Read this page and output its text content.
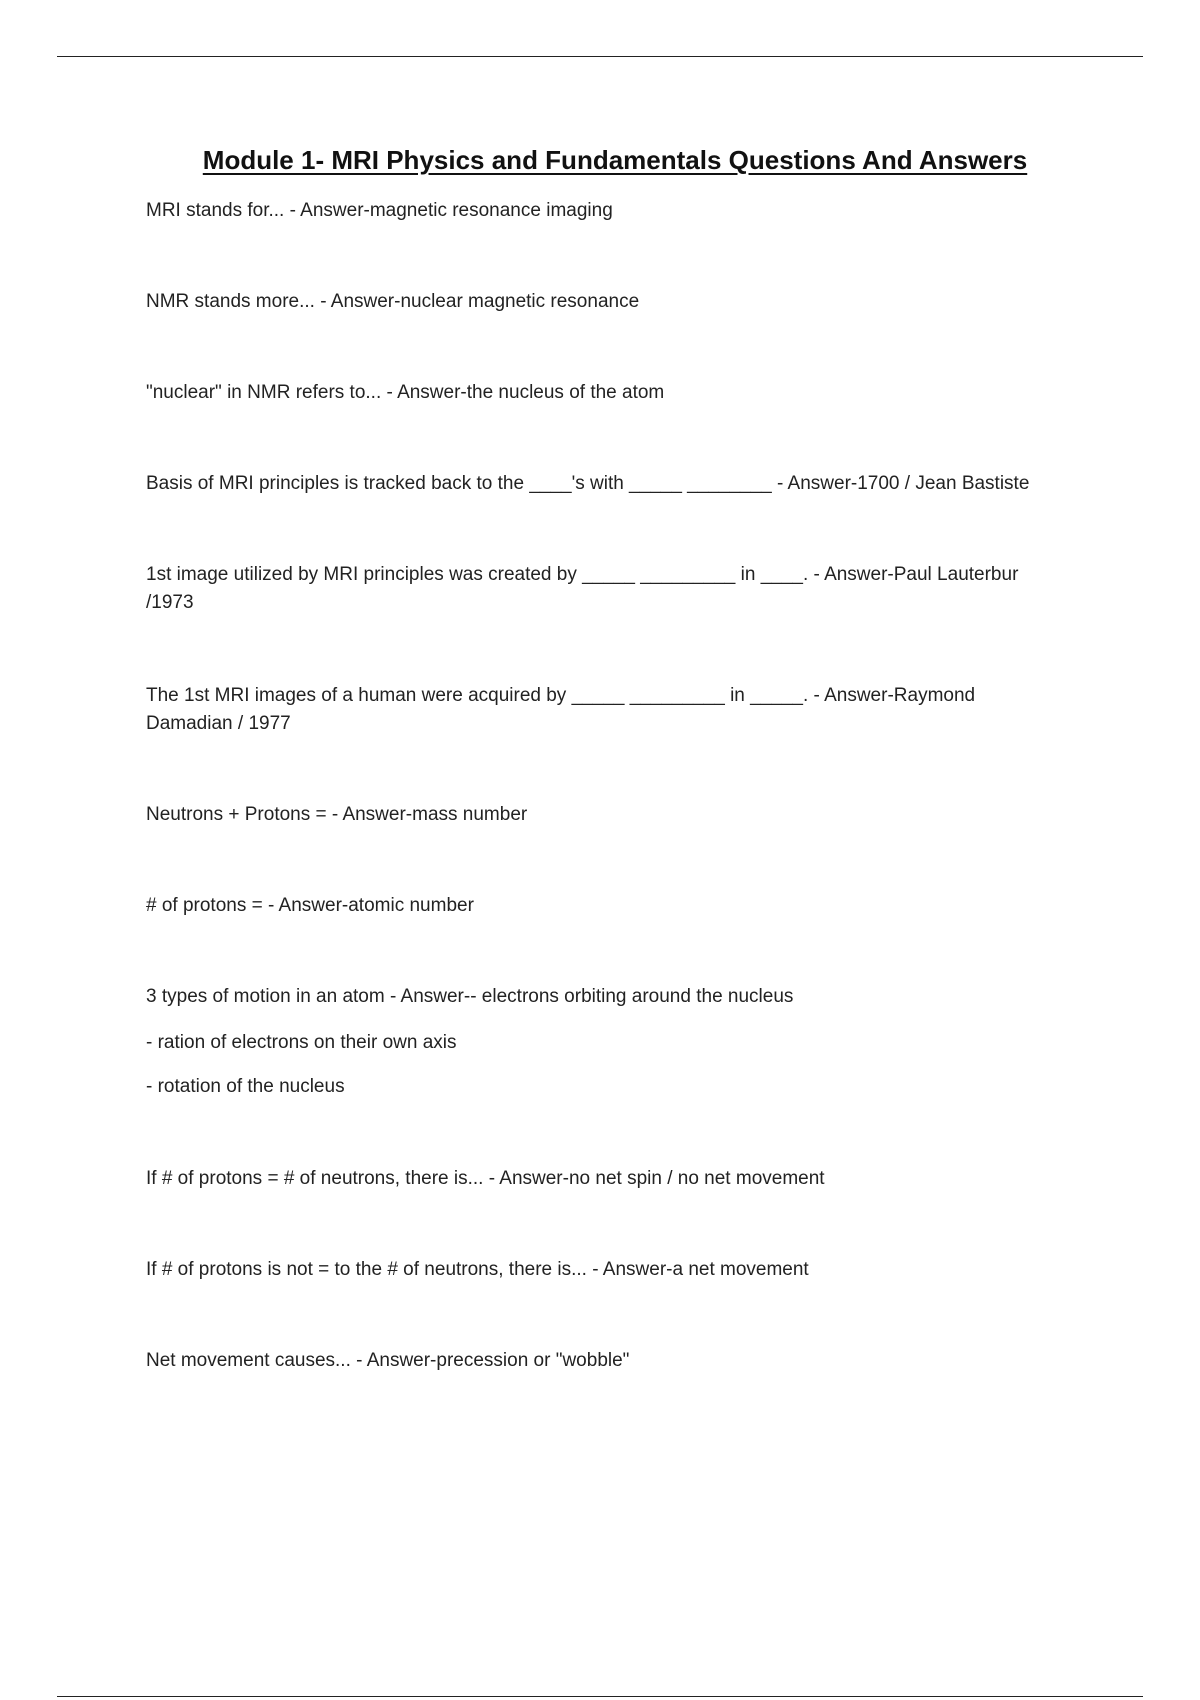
Module 1- MRI Physics and Fundamentals Questions And Answers
MRI stands for... - Answer-magnetic resonance imaging
NMR stands more... - Answer-nuclear magnetic resonance
"nuclear" in NMR refers to... - Answer-the nucleus of the atom
Basis of MRI principles is tracked back to the ____'s with _____ ________ - Answer-1700 / Jean Bastiste
1st image utilized by MRI principles was created by _____ _________ in ____. - Answer-Paul Lauterbur
/1973
The 1st MRI images of a human were acquired by _____ _________ in _____. - Answer-Raymond
Damadian / 1977
Neutrons + Protons = - Answer-mass number
# of protons = - Answer-atomic number
3 types of motion in an atom - Answer-- electrons orbiting around the nucleus
- ration of electrons on their own axis
- rotation of the nucleus
If # of protons = # of neutrons, there is... - Answer-no net spin / no net movement
If # of protons is not = to the # of neutrons, there is... - Answer-a net movement
Net movement causes... - Answer-precession or "wobble"
